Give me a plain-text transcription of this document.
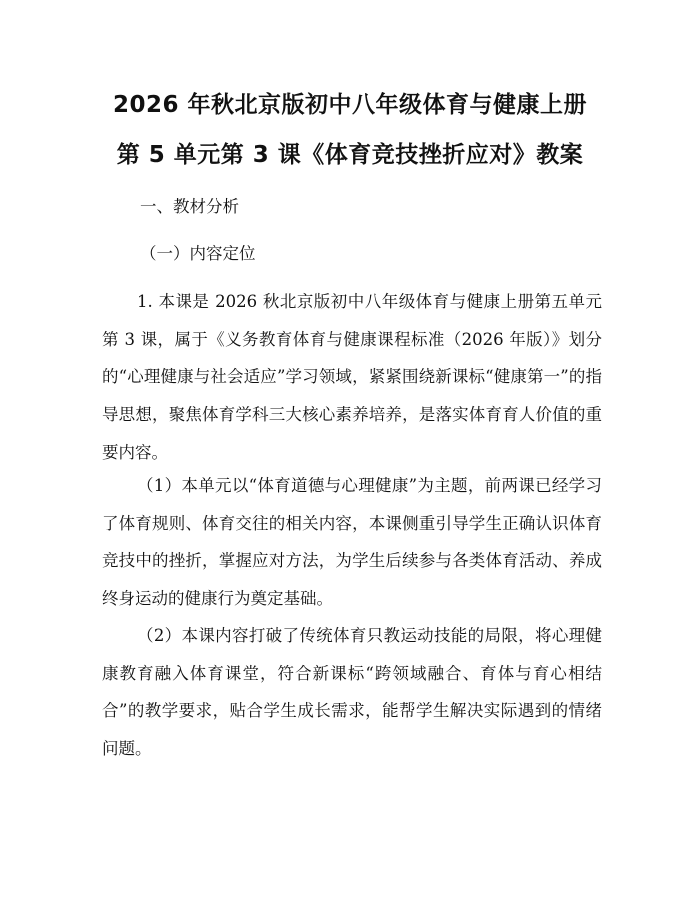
2026 年秋北京版初中八年级体育与健康上册
第 5 单元第 3 课《体育竞技挫折应对》教案
一、教材分析
（一）内容定位

1. 本课是 2026 秋北京版初中八年级体育与健康上册第五单元第 3 课，属于《义务教育体育与健康课程标准（2026 年版）》划分的“心理健康与社会适应”学习领域，紧紧围绕新课标“健康第一”的指导思想，聚焦体育学科三大核心素养培养，是落实体育育人价值的重要内容。

（1）本单元以“体育道德与心理健康”为主题，前两课已经学习了体育规则、体育交往的相关内容，本课侧重引导学生正确认识体育竞技中的挫折，掌握应对方法，为学生后续参与各类体育活动、养成终身运动的健康行为奠定基础。

（2）本课内容打破了传统体育只教运动技能的局限，将心理健康教育融入体育课堂，符合新课标“跨领域融合、育体与育心相结合”的教学要求，贴合学生成长需求，能帮学生解决实际遇到的情绪问题。
